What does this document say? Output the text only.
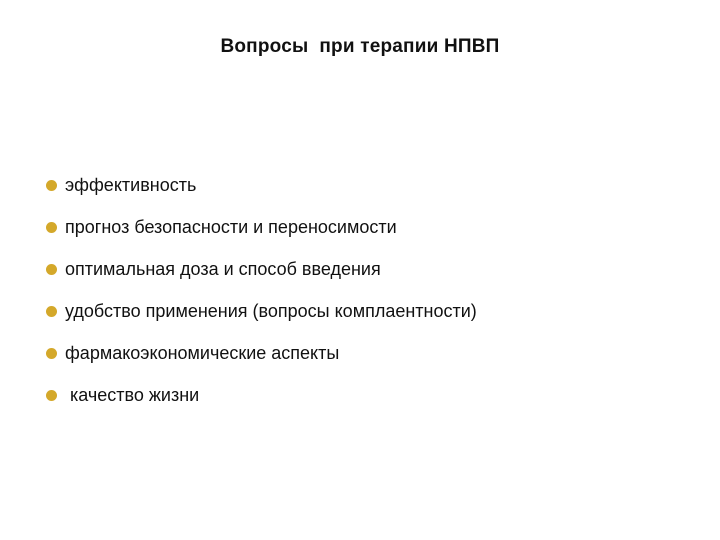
Вопросы  при терапии НПВП
эффективность
прогноз безопасности и переносимости
оптимальная доза и способ введения
удобство применения (вопросы комплаентности)
фармакоэкономические аспекты
качество жизни
